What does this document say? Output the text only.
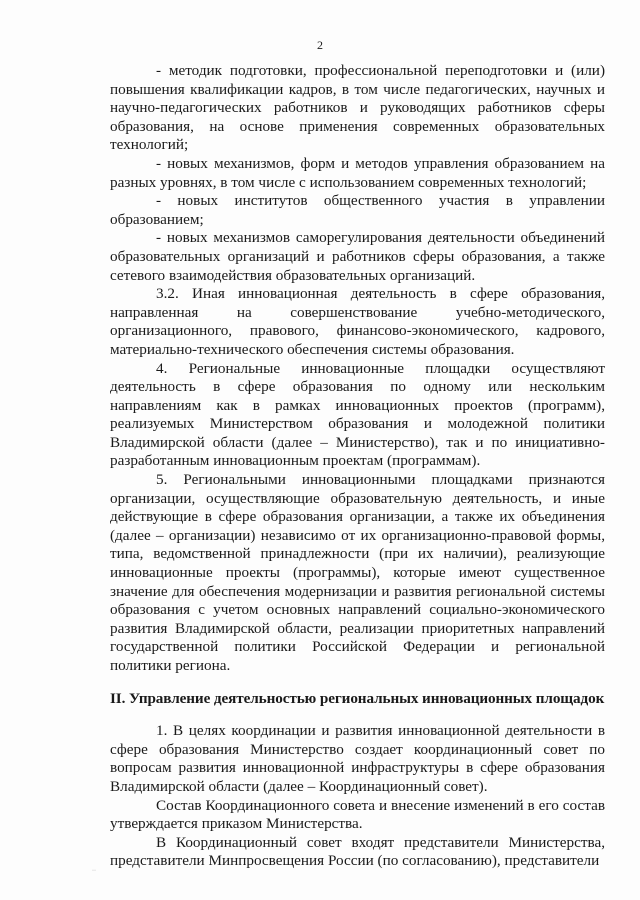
2

- методик подготовки, профессиональной переподготовки и (или) повышения квалификации кадров, в том числе педагогических, научных и научно-педагогических работников и руководящих работников сферы образования, на основе применения современных образовательных технологий;

- новых механизмов, форм и методов управления образованием на разных уровнях, в том числе с использованием современных технологий;

- новых институтов общественного участия в управлении образованием;

- новых механизмов саморегулирования деятельности объединений образовательных организаций и работников сферы образования, а также сетевого взаимодействия образовательных организаций.

3.2. Иная инновационная деятельность в сфере образования, направленная на совершенствование учебно-методического, организационного, правового, финансово-экономического, кадрового, материально-технического обеспечения системы образования.

4. Региональные инновационные площадки осуществляют деятельность в сфере образования по одному или нескольким направлениям как в рамках инновационных проектов (программ), реализуемых Министерством образования и молодежной политики Владимирской области (далее – Министерство), так и по инициативно-разработанным инновационным проектам (программам).

5. Региональными инновационными площадками признаются организации, осуществляющие образовательную деятельность, и иные действующие в сфере образования организации, а также их объединения (далее – организации) независимо от их организационно-правовой формы, типа, ведомственной принадлежности (при их наличии), реализующие инновационные проекты (программы), которые имеют существенное значение для обеспечения модернизации и развития региональной системы образования с учетом основных направлений социально-экономического развития Владимирской области, реализации приоритетных направлений государственной политики Российской Федерации и региональной политики региона.

II. Управление деятельностью региональных инновационных площадок

1. В целях координации и развития инновационной деятельности в сфере образования Министерство создает координационный совет по вопросам развития инновационной инфраструктуры в сфере образования Владимирской области (далее – Координационный совет).

Состав Координационного совета и внесение изменений в его состав утверждается приказом Министерства.

В Координационный совет входят представители Министерства, представители Минпросвещения России (по согласованию), представители

··
